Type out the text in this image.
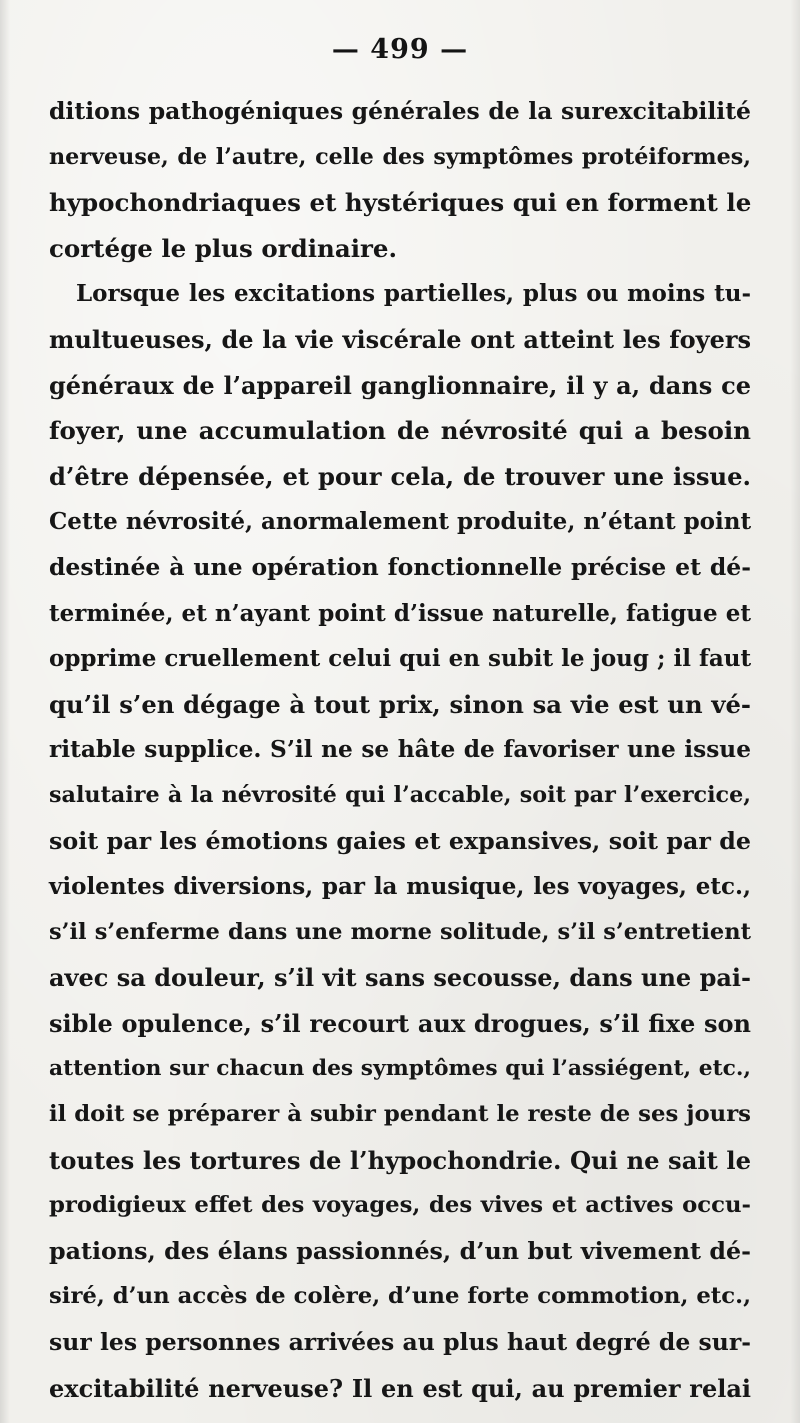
— 499 —
ditions pathogéniques générales de la surexcitabilité
nerveuse, de l’autre, celle des symptômes protéiformes,
hypochondriaques et hystériques qui en forment le
cortége le plus ordinaire.
Lorsque les excitations partielles, plus ou moins tu-
multueuses, de la vie viscérale ont atteint les foyers
généraux de l’appareil ganglionnaire, il y a, dans ce
foyer, une accumulation de névrosité qui a besoin
d’être dépensée, et pour cela, de trouver une issue.
Cette névrosité, anormalement produite, n’étant point
destinée à une opération fonctionnelle précise et dé-
terminée, et n’ayant point d’issue naturelle, fatigue et
opprime cruellement celui qui en subit le joug ; il faut
qu’il s’en dégage à tout prix, sinon sa vie est un vé-
ritable supplice. S’il ne se hâte de favoriser une issue
salutaire à la névrosité qui l’accable, soit par l’exercice,
soit par les émotions gaies et expansives, soit par de
violentes diversions, par la musique, les voyages, etc.,
s’il s’enferme dans une morne solitude, s’il s’entretient
avec sa douleur, s’il vit sans secousse, dans une pai-
sible opulence, s’il recourt aux drogues, s’il fixe son
attention sur chacun des symptômes qui l’assiégent, etc.,
il doit se préparer à subir pendant le reste de ses jours
toutes les tortures de l’hypochondrie. Qui ne sait le
prodigieux effet des voyages, des vives et actives occu-
pations, des élans passionnés, d’un but vivement dé-
siré, d’un accès de colère, d’une forte commotion, etc.,
sur les personnes arrivées au plus haut degré de sur-
excitabilité nerveuse? Il en est qui, au premier relai
